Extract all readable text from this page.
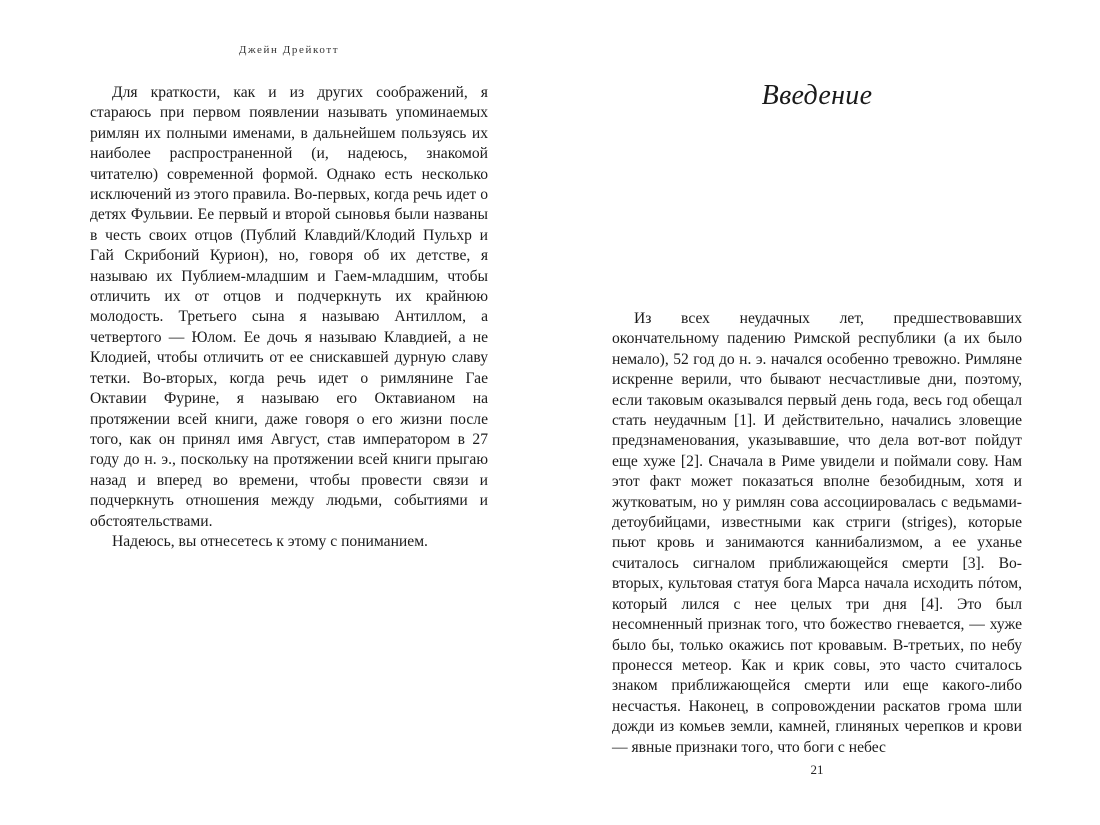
Джейн Дрейкотт

Для краткости, как и из других соображений, я стараюсь при первом появлении называть упоминаемых римлян их полными именами, в дальнейшем пользуясь их наиболее распространенной (и, надеюсь, знакомой читателю) современной формой. Однако есть несколько исключений из этого правила. Во-первых, когда речь идет о детях Фульвии. Ее первый и второй сыновья были названы в честь своих отцов (Публий Клавдий/Клодий Пульхр и Гай Скрибоний Курион), но, говоря об их детстве, я называю их Публием-младшим и Гаем-младшим, чтобы отличить их от отцов и подчеркнуть их крайнюю молодость. Третьего сына я называю Антиллом, а четвертого — Юлом. Ее дочь я называю Клавдией, а не Клодией, чтобы отличить от ее снискавшей дурную славу тетки. Во-вторых, когда речь идет о римлянине Гае Октавии Фурине, я называю его Октавианом на протяжении всей книги, даже говоря о его жизни после того, как он принял имя Август, став императором в 27 году до н. э., поскольку на протяжении всей книги прыгаю назад и вперед во времени, чтобы провести связи и подчеркнуть отношения между людьми, событиями и обстоятельствами.

Надеюсь, вы отнесетесь к этому с пониманием.

Введение

Из всех неудачных лет, предшествовавших окончательному падению Римской республики (а их было немало), 52 год до н. э. начался особенно тревожно. Римляне искренне верили, что бывают несчастливые дни, поэтому, если таковым оказывался первый день года, весь год обещал стать неудачным [1]. И действительно, начались зловещие предзнаменования, указывавшие, что дела вот-вот пойдут еще хуже [2]. Сначала в Риме увидели и поймали сову. Нам этот факт может показаться вполне безобидным, хотя и жутковатым, но у римлян сова ассоциировалась с ведьмами-детоубийцами, известными как стриги (striges), которые пьют кровь и занимаются каннибализмом, а ее уханье считалось сигналом приближающейся смерти [3]. Во-вторых, культовая статуя бога Марса начала исходить пóтом, который лился с нее целых три дня [4]. Это был несомненный признак того, что божество гневается, — хуже было бы, только окажись пот кровавым. В-третьих, по небу пронесся метеор. Как и крик совы, это часто считалось знаком приближающейся смерти или еще какого-либо несчастья. Наконец, в сопровождении раскатов грома шли дожди из комьев земли, камней, глиняных черепков и крови — явные признаки того, что боги с небес

21
